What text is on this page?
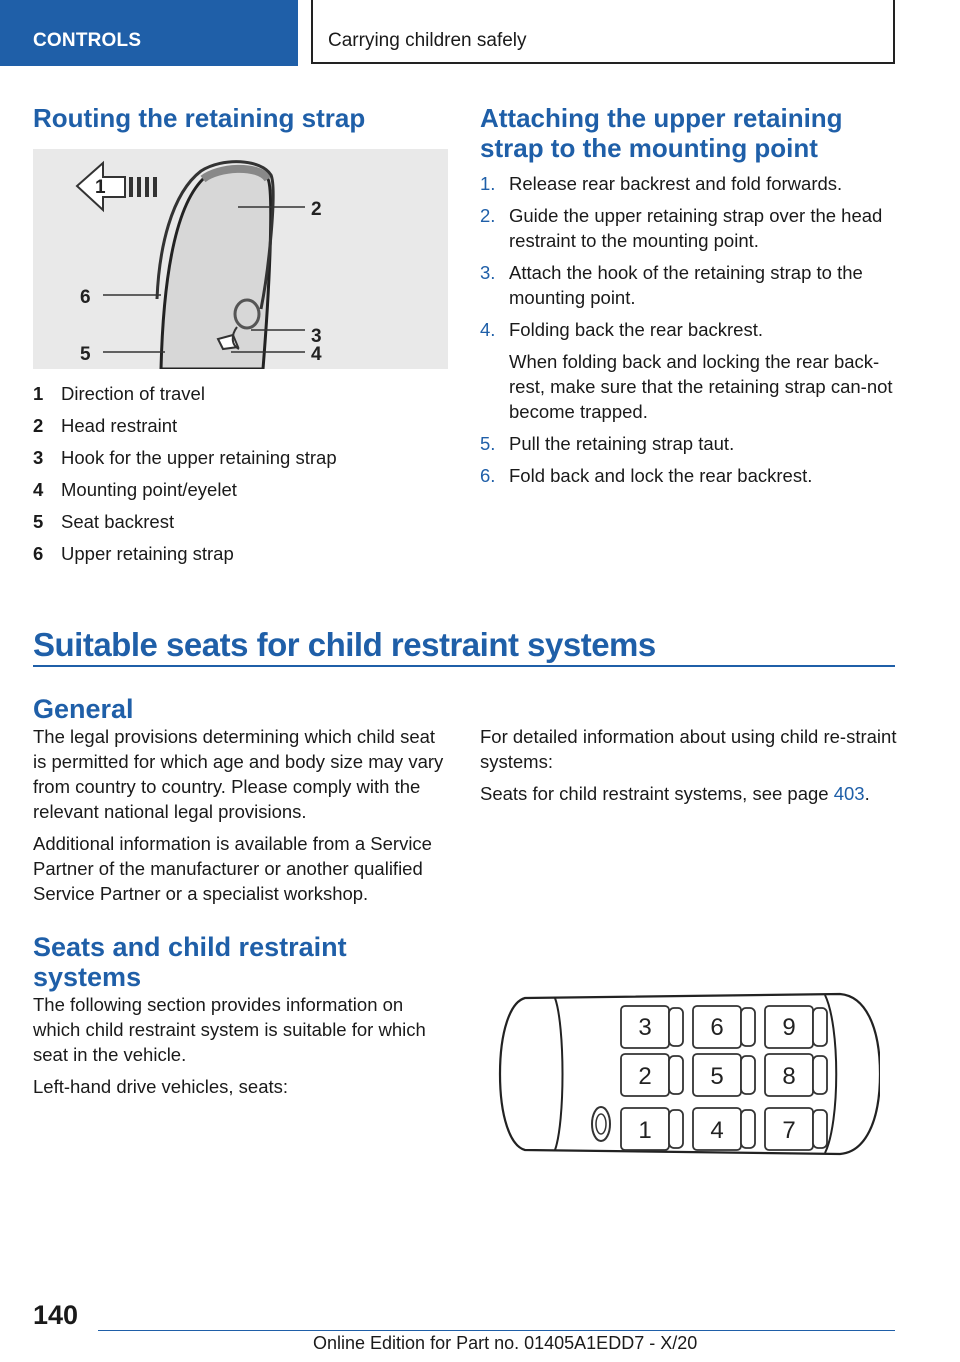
CONTROLS	Carrying children safely
Routing the retaining strap
1
2
3
4
5
6
1 Direction of travel
2 Head restraint
3 Hook for the upper retaining strap
4 Mounting point/eyelet
5 Seat backrest
6 Upper retaining strap
Attaching the upper retaining strap to the mounting point
1. Release rear backrest and fold forwards.
2. Guide the upper retaining strap over the head restraint to the mounting point.
3. Attach the hook of the retaining strap to the mounting point.
4. Folding back the rear backrest.

When folding back and locking the rear back-rest, make sure that the retaining strap can-not become trapped.

5. Pull the retaining strap taut.
6. Fold back and lock the rear backrest.
Suitable seats for child restraint systems
General

The legal provisions determining which child seat is permitted for which age and body size may vary from country to country. Please comply with the relevant national legal provisions.

Additional information is available from a Service Partner of the manufacturer or another qualified Service Partner or a specialist workshop.

Seats and child restraint systems

The following section provides information on which child restraint system is suitable for which seat in the vehicle.

Left-hand drive vehicles, seats:

For detailed information about using child re-straint systems:

Seats for child restraint systems, see page 403.

3 6 9
2 5 8
1 4 7
140
Online Edition for Part no. 01405A1EDD7 - X/20
